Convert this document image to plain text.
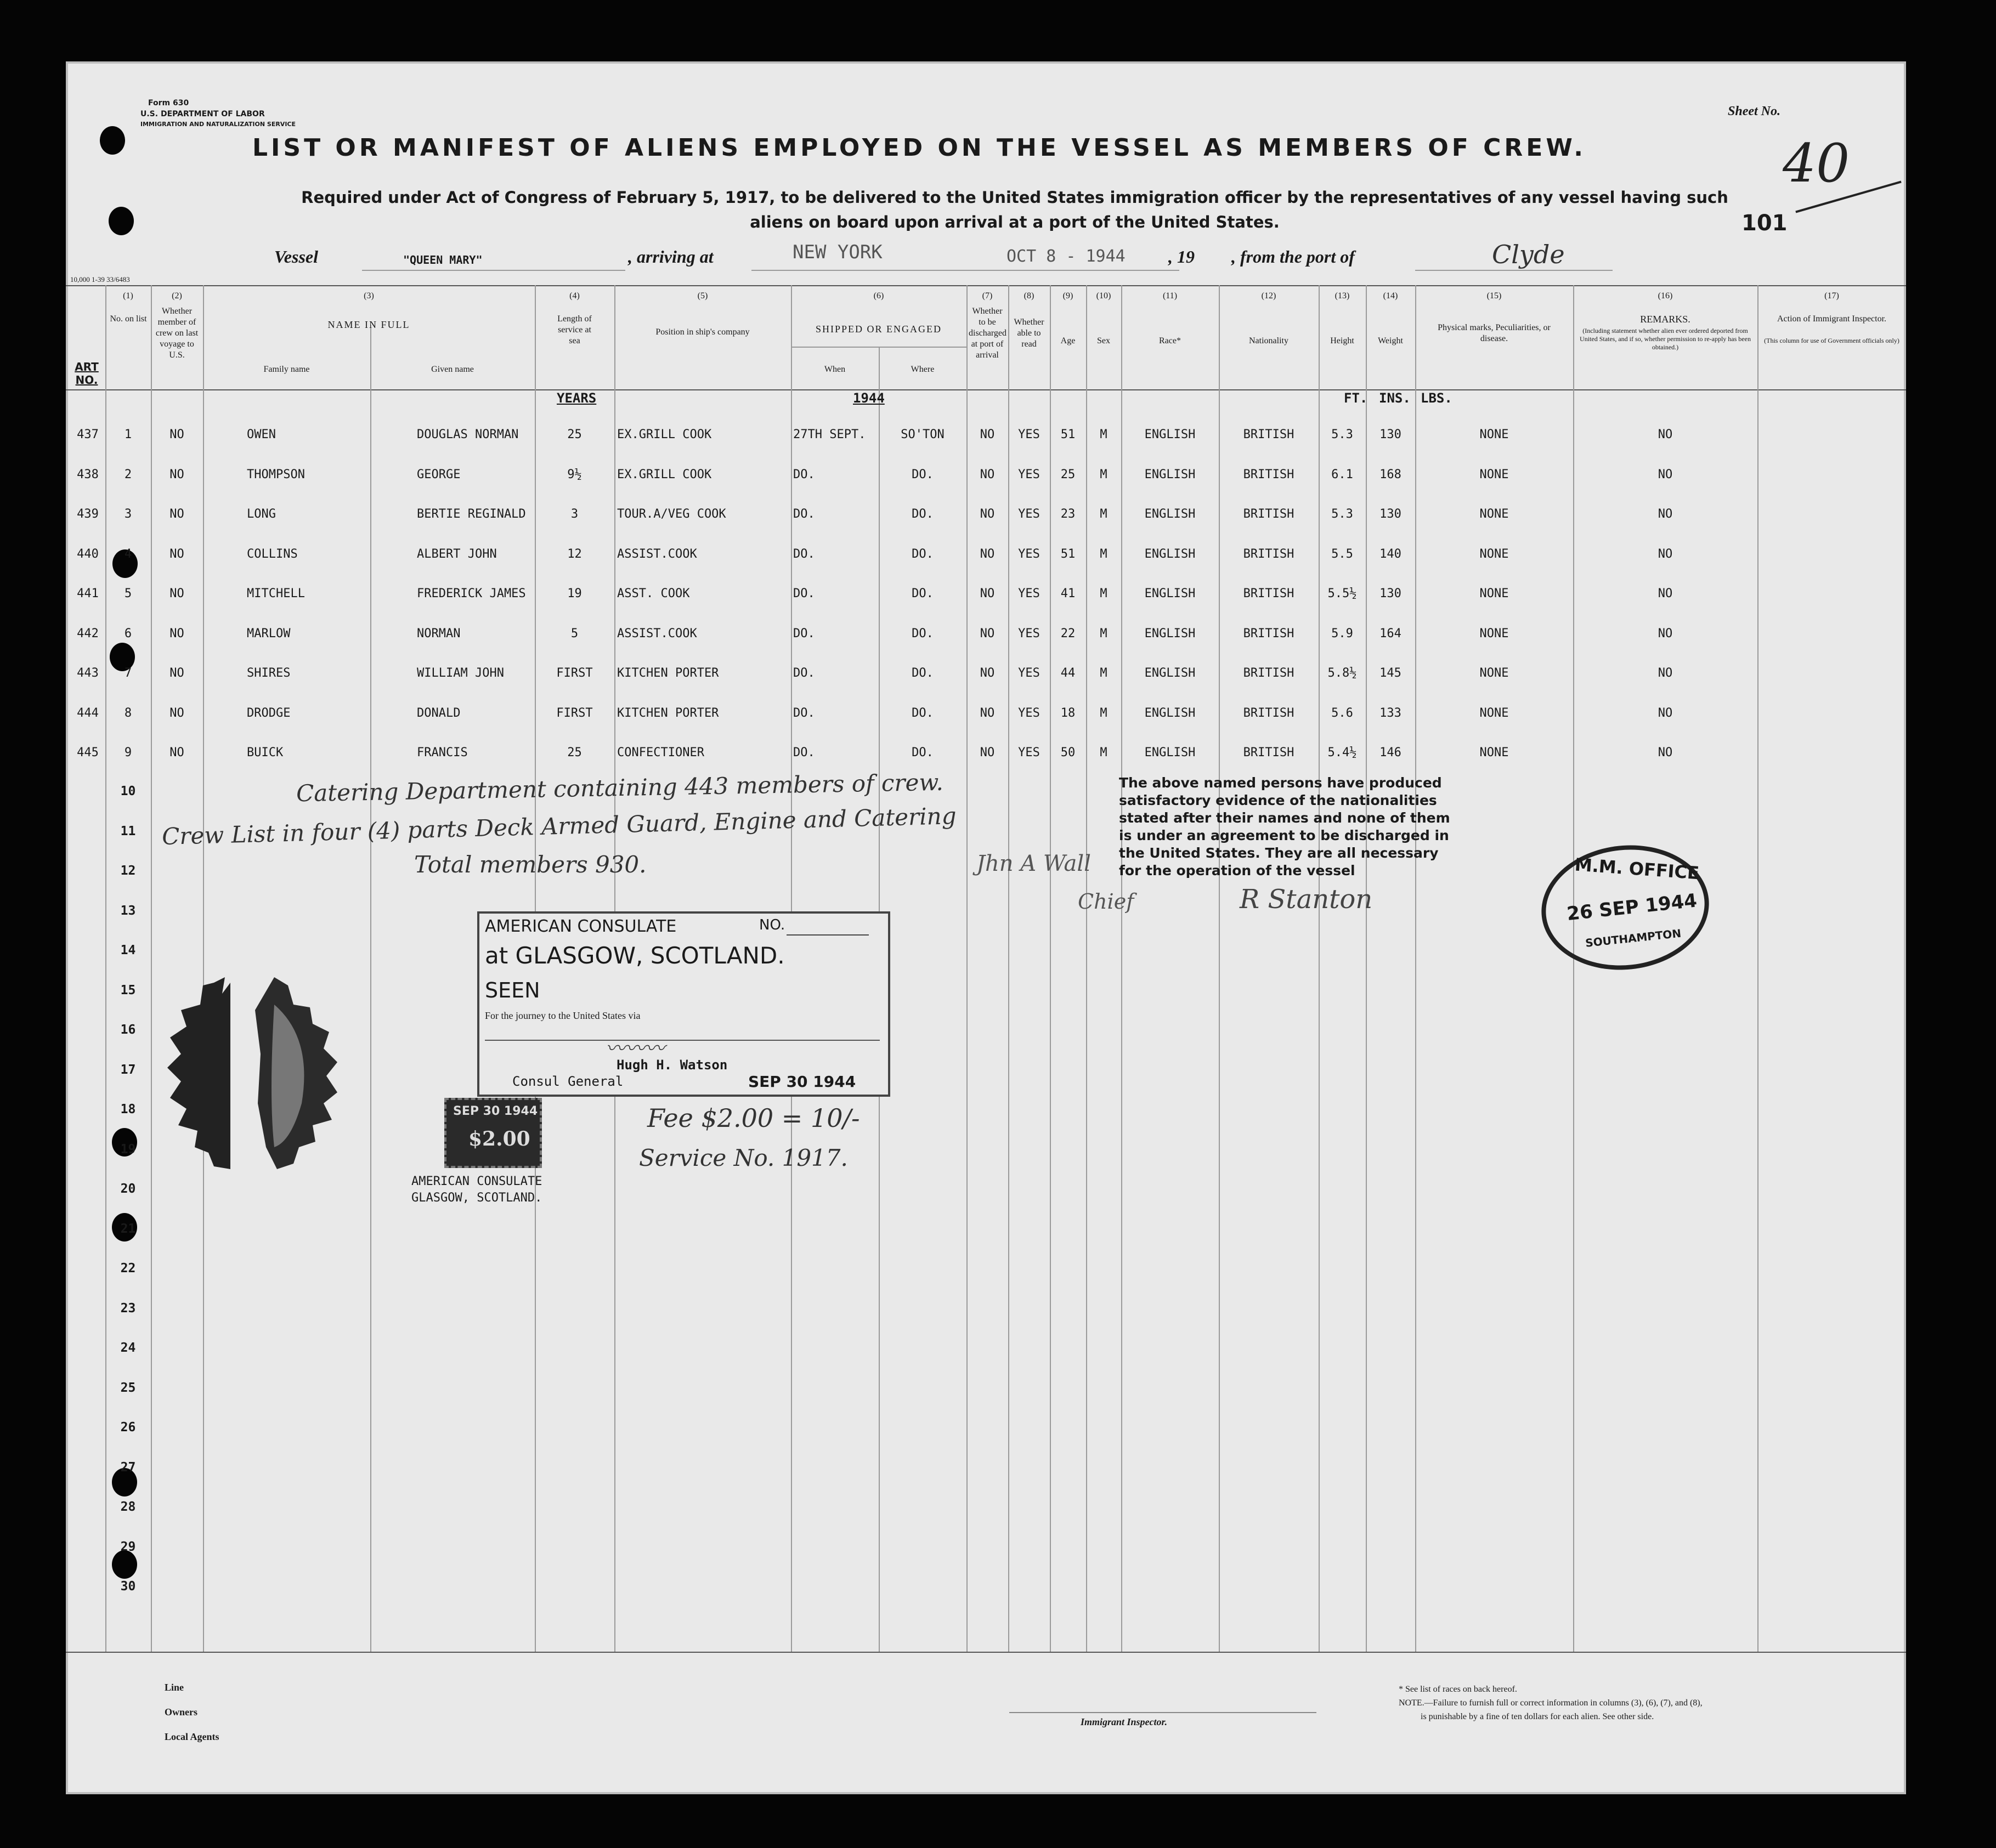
Form 630
U.S. DEPARTMENT OF LABOR
IMMIGRATION AND NATURALIZATION SERVICE
Sheet No.
40
101
LIST OR MANIFEST OF ALIENS EMPLOYED ON THE VESSEL AS MEMBERS OF CREW.
Required under Act of Congress of February 5, 1917, to be delivered to the United States immigration officer by the representatives of any vessel having such
aliens on board upon arrival at a port of the United States.
Vessel	"QUEEN MARY"	, arriving at	NEW YORK	OCT 8 - 1944 , 19 , from the port of	Clyde
10,000 1-39 33/6483
ART NO.
(1)
No. on list
(2)
Whether member of crew on last voyage to U.S.
(3)
NAME IN FULL
Family name	Given name
(4)
Length of service at sea
(5)
Position in ship's company
(6)
SHIPPED OR ENGAGED
When	Where
(7)
Whether to be discharged at port of arrival
(8)
Whether able to read
(9)
Age
(10)
Sex
(11)
Race*
(12)
Nationality
(13)
Height
(14)
Weight
(15)
Physical marks, Peculiarities, or disease.
(16)
REMARKS.
(Including statement whether alien ever ordered deported from United States, and if so, whether permission to re-apply has been obtained.)
(17)
Action of Immigrant Inspector.
(This column for use of Government officials only)
YEARS	1944	FT. INS. LBS.
437	1	NO	OWEN	DOUGLAS NORMAN	25	EX.GRILL COOK	27TH SEPT.	SO'TON	NO	YES	51	M	ENGLISH	BRITISH	5.3	130	NONE	NO
438	2	NO	THOMPSON	GEORGE	9½	EX.GRILL COOK	DO.	DO.	NO	YES	25	M	ENGLISH	BRITISH	6.1	168	NONE	NO
439	3	NO	LONG	BERTIE REGINALD	3	TOUR.A/VEG COOK	DO.	DO.	NO	YES	23	M	ENGLISH	BRITISH	5.3	130	NONE	NO
440	4	NO	COLLINS	ALBERT JOHN	12	ASSIST.COOK	DO.	DO.	NO	YES	51	M	ENGLISH	BRITISH	5.5	140	NONE	NO
441	5	NO	MITCHELL	FREDERICK JAMES	19	ASST. COOK	DO.	DO.	NO	YES	41	M	ENGLISH	BRITISH	5.5½	130	NONE	NO
442	6	NO	MARLOW	NORMAN	5	ASSIST.COOK	DO.	DO.	NO	YES	22	M	ENGLISH	BRITISH	5.9	164	NONE	NO
443	7	NO	SHIRES	WILLIAM JOHN	FIRST	KITCHEN PORTER	DO.	DO.	NO	YES	44	M	ENGLISH	BRITISH	5.8½	145	NONE	NO
444	8	NO	DRODGE	DONALD	FIRST	KITCHEN PORTER	DO.	DO.	NO	YES	18	M	ENGLISH	BRITISH	5.6	133	NONE	NO
445	9	NO	BUICK	FRANCIS	25	CONFECTIONER	DO.	DO.	NO	YES	50	M	ENGLISH	BRITISH	5.4½	146	NONE	NO
10
11
12
13
14
15
16
17
18
19
20
21
22
23
24
25
26
27
28
29
30
Catering Department containing 443 members of crew.
Crew List in four (4) parts Deck Armed Guard, Engine and Catering
Total members 930.
The above named persons have produced
satisfactory evidence of the nationalities
stated after their names and none of them
is under an agreement to be discharged in
the United States. They are all necessary
for the operation of the vessel
Jhn A Wall
Chief	R Stanton
M.M. OFFICE
26 SEP 1944
SOUTHAMPTON
AMERICAN CONSULATE	NO.
at GLASGOW, SCOTLAND.
SEEN
For the journey to the United States via
〰〰〰
Hugh H. Watson
Consul General	SEP 30 1944
SEP 30 1944
$2.00
AMERICAN CONSULATE
GLASGOW, SCOTLAND.
Fee $2.00 = 10/-
Service No. 1917.
Line
Owners
Local Agents
Immigrant Inspector.
* See list of races on back hereof.
NOTE.—Failure to furnish full or correct information in columns (3), (6), (7), and (8),
is punishable by a fine of ten dollars for each alien. See other side.
